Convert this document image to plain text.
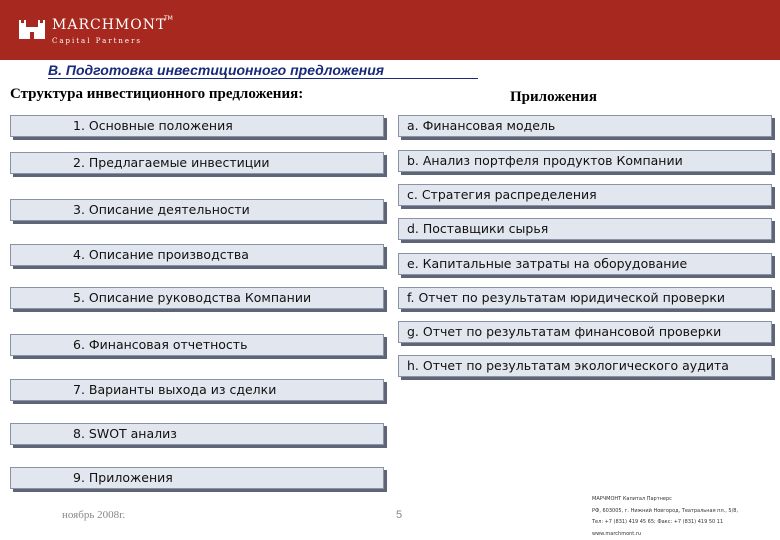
MARCHMONT
TM
Capital Partners
B. Подготовка инвестиционного предложения
Структура инвестиционного предложения:	Приложения
1. Основные положения
2. Предлагаемые инвестиции
3. Описание деятельности
4. Описание производства
5. Описание руководства Компании
6. Финансовая отчетность
7. Варианты выхода из сделки
8. SWOT анализ
9. Приложения
a. Финансовая модель
b. Анализ портфеля продуктов Компании
c. Стратегия распределения
d. Поставщики сырья
e. Капитальные затраты на оборудование
f. Отчет по результатам юридической проверки
g. Отчет по результатам финансовой проверки
h. Отчет по результатам экологического аудита
ноябрь 2008г.	5
МАРЧМОНТ Капитал Партнерс
РФ, 603005, г. Нижний Новгород, Театральная пл., 5/8,
Тел: +7 (831) 419 45 65; Факс: +7 (831) 419 50 11
www.marchmont.ru
